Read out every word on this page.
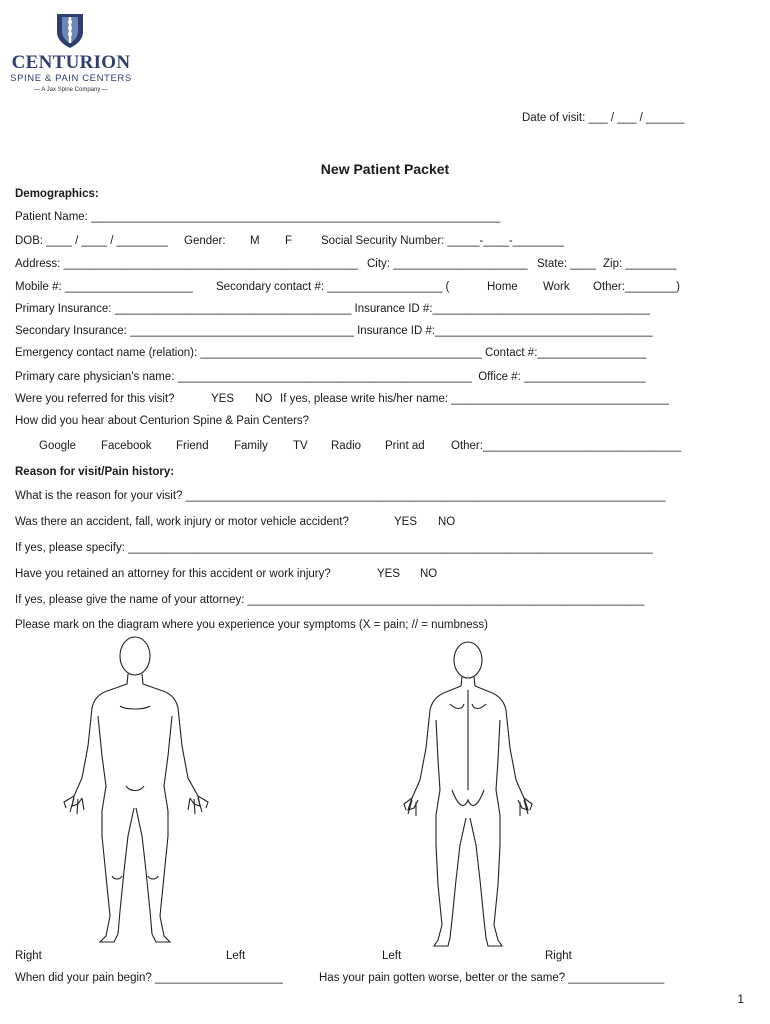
CENTURION
SPINE & PAIN CENTERS
— A Jax Spine Company —
Date of visit: ___ / ___ / ______
New Patient Packet
Demographics:
Patient Name: ________________________________________________________________
DOB: ____ / ____ / ________ Gender: M F	Social Security Number: _____-____-________
Address: ______________________________________________ City: _____________________ State: ____ Zip: ________
Mobile #: ____________________ Secondary contact #: __________________ (	Home Work Other:________)
Primary Insurance: _____________________________________ Insurance ID #:__________________________________
Secondary Insurance: ___________________________________ Insurance ID #:__________________________________
Emergency contact name (relation): ____________________________________________ Contact #:_________________
Primary care physician's name: ______________________________________________  Office #: ___________________
Were you referred for this visit?	YES NO If yes, please write his/her name: __________________________________
How did you hear about Centurion Spine & Pain Centers?
Google Facebook Friend Family TV Radio Print ad Other:_______________________________
Reason for visit/Pain history:
What is the reason for your visit? ___________________________________________________________________________
Was there an accident, fall, work injury or motor vehicle accident?	YES NO
If yes, please specify: __________________________________________________________________________________
Have you retained an attorney for this accident or work injury?	YES NO
If yes, please give the name of your attorney: ______________________________________________________________
Please mark on the diagram where you experience your symptoms (X = pain; // = numbness)
Right	Left	Left	Right
When did your pain begin? ____________________	Has your pain gotten worse, better or the same? _______________
1
